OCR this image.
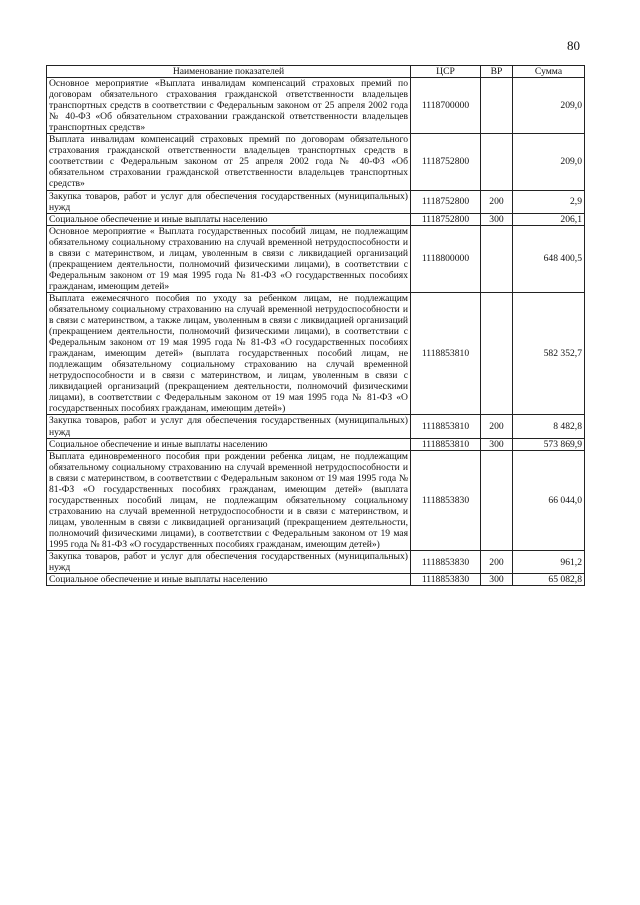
80
Наименование показателей	ЦСР	ВР	Сумма
Основное мероприятие «Выплата инвалидам компенсаций страховых премий по договорам обязательного страхования гражданской ответственности владельцев транспортных средств в соответствии с Федеральным законом от 25 апреля 2002 года № 40-ФЗ «Об обязательном страховании гражданской ответственности владельцев транспортных средств»	1118700000		209,0
Выплата инвалидам компенсаций страховых премий по договорам обязательного страхования гражданской ответственности владельцев транспортных средств в соответствии с Федеральным законом от 25 апреля 2002 года № 40-ФЗ «Об обязательном страховании гражданской ответственности владельцев транспортных средств»	1118752800		209,0
Закупка товаров, работ и услуг для обеспечения государственных (муниципальных) нужд	1118752800	200	2,9
Социальное обеспечение и иные выплаты населению	1118752800	300	206,1
Основное мероприятие « Выплата государственных пособий лицам, не подлежащим обязательному социальному страхованию на случай временной нетрудоспособности и в связи с материнством, и лицам, уволенным в связи с ликвидацией организаций (прекращением деятельности, полномочий физическими лицами), в соответствии с Федеральным законом от 19 мая 1995 года № 81-ФЗ «О государственных пособиях гражданам, имеющим детей»	1118800000		648 400,5
Выплата ежемесячного пособия по уходу за ребенком лицам, не подлежащим обязательному социальному страхованию на случай временной нетрудоспособности и в связи с материнством, а также лицам, уволенным в связи с ликвидацией организаций (прекращением деятельности, полномочий физическими лицами), в соответствии с Федеральным законом от 19 мая 1995 года № 81-ФЗ «О государственных пособиях гражданам, имеющим детей» (выплата государственных пособий лицам, не подлежащим обязательному социальному страхованию на случай временной нетрудоспособности и в связи с материнством, и лицам, уволенным в связи с ликвидацией организаций (прекращением деятельности, полномочий физическими лицами), в соответствии с Федеральным законом от 19 мая 1995 года № 81-ФЗ «О государственных пособиях гражданам, имеющим детей»)	1118853810		582 352,7
Закупка товаров, работ и услуг для обеспечения государственных (муниципальных) нужд	1118853810	200	8 482,8
Социальное обеспечение и иные выплаты населению	1118853810	300	573 869,9
Выплата единовременного пособия при рождении ребенка лицам, не подлежащим обязательному социальному страхованию на случай временной нетрудоспособности и в связи с материнством, в соответствии с Федеральным законом от 19 мая 1995 года № 81-ФЗ «О государственных пособиях гражданам, имеющим детей» (выплата государственных пособий лицам, не подлежащим обязательному социальному страхованию на случай временной нетрудоспособности и в связи с материнством, и лицам, уволенным в связи с ликвидацией организаций (прекращением деятельности, полномочий физическими лицами), в соответствии с Федеральным законом от 19 мая 1995 года № 81-ФЗ «О государственных пособиях гражданам, имеющим детей»)	1118853830		66 044,0
Закупка товаров, работ и услуг для обеспечения государственных (муниципальных) нужд	1118853830	200	961,2
Социальное обеспечение и иные выплаты населению	1118853830	300	65 082,8
